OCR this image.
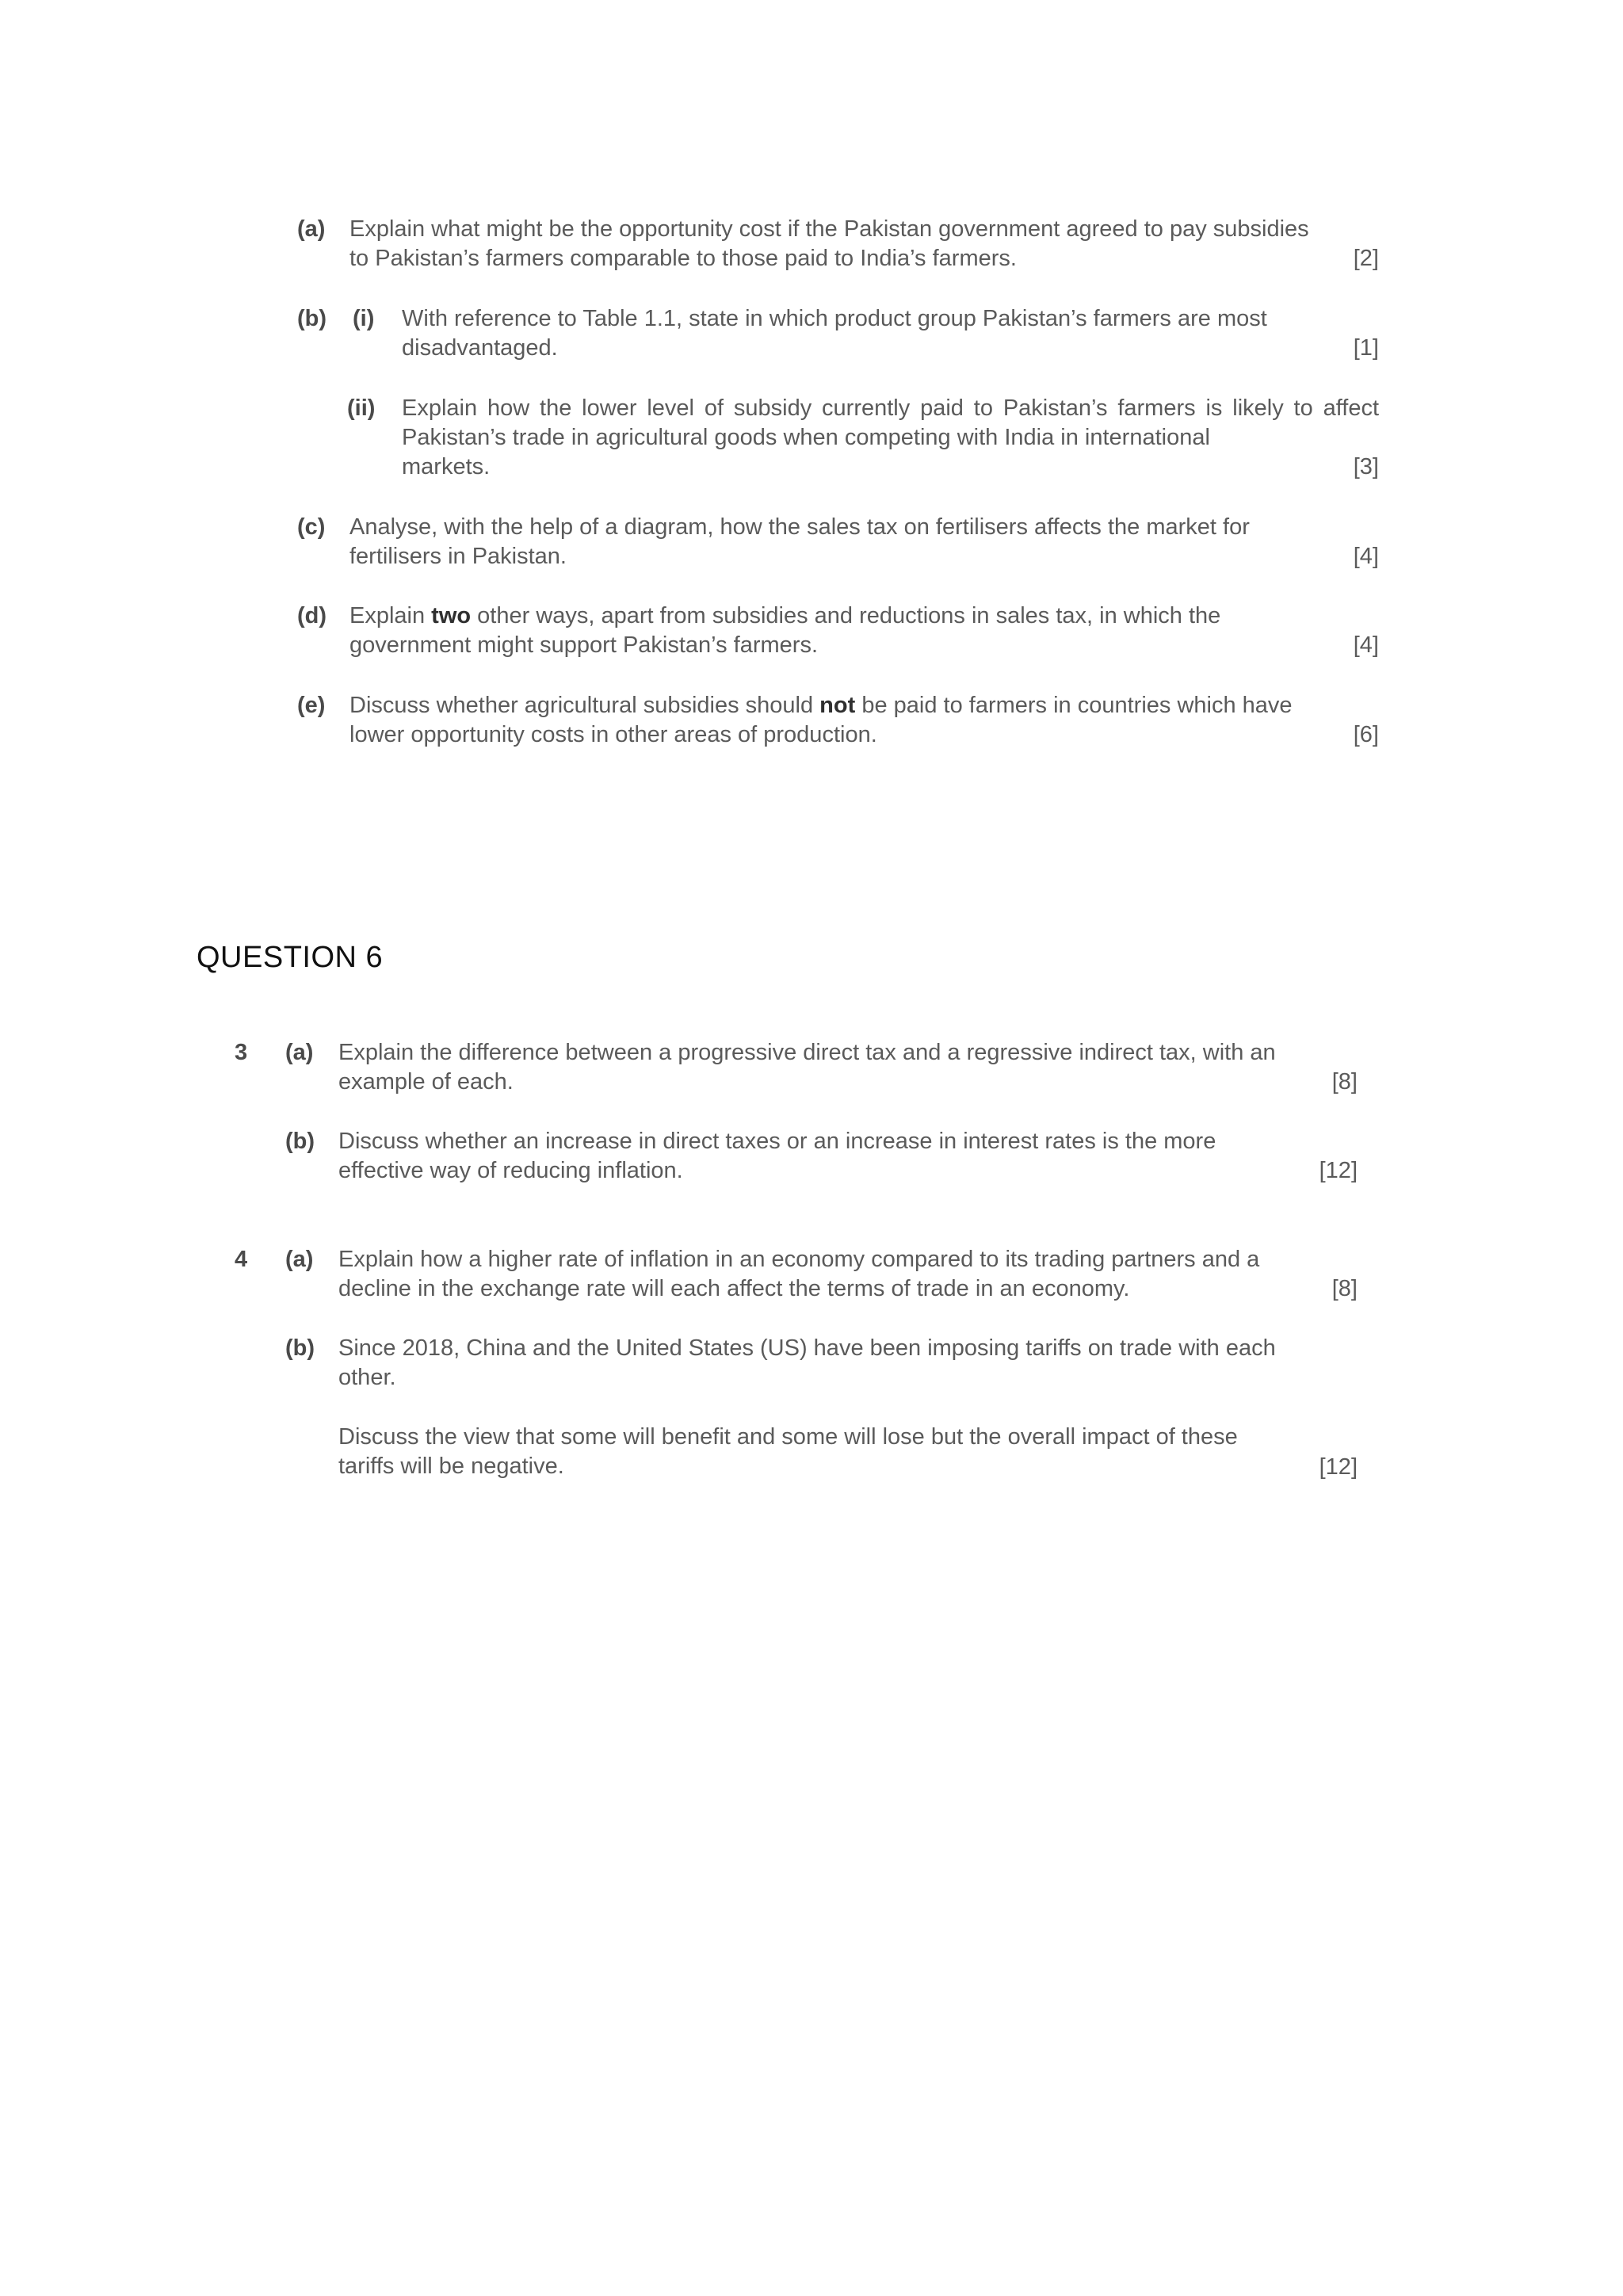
(a) Explain what might be the opportunity cost if the Pakistan government agreed to pay subsidies
to Pakistan’s farmers comparable to those paid to India’s farmers.	[2]
(b) (i) With reference to Table 1.1, state in which product group Pakistan’s farmers are most
disadvantaged.	[1]
(ii) Explain how the lower level of subsidy currently paid to Pakistan’s farmers is likely to affect Pakistan’s trade in agricultural goods when competing with India in international
markets.	[3]
(c) Analyse, with the help of a diagram, how the sales tax on fertilisers affects the market for
fertilisers in Pakistan.	[4]
(d) Explain two other ways, apart from subsidies and reductions in sales tax, in which the
government might support Pakistan’s farmers.	[4]
(e) Discuss whether agricultural subsidies should not be paid to farmers in countries which have
lower opportunity costs in other areas of production.	[6]
QUESTION 6
3 (a) Explain the difference between a progressive direct tax and a regressive indirect tax, with an
example of each.	[8]
(b) Discuss whether an increase in direct taxes or an increase in interest rates is the more
effective way of reducing inflation.	[12]
4 (a) Explain how a higher rate of inflation in an economy compared to its trading partners and a
decline in the exchange rate will each affect the terms of trade in an economy.	[8]
(b) Since 2018, China and the United States (US) have been imposing tariffs on trade with each
other.
Discuss the view that some will benefit and some will lose but the overall impact of these
tariffs will be negative.	[12]
